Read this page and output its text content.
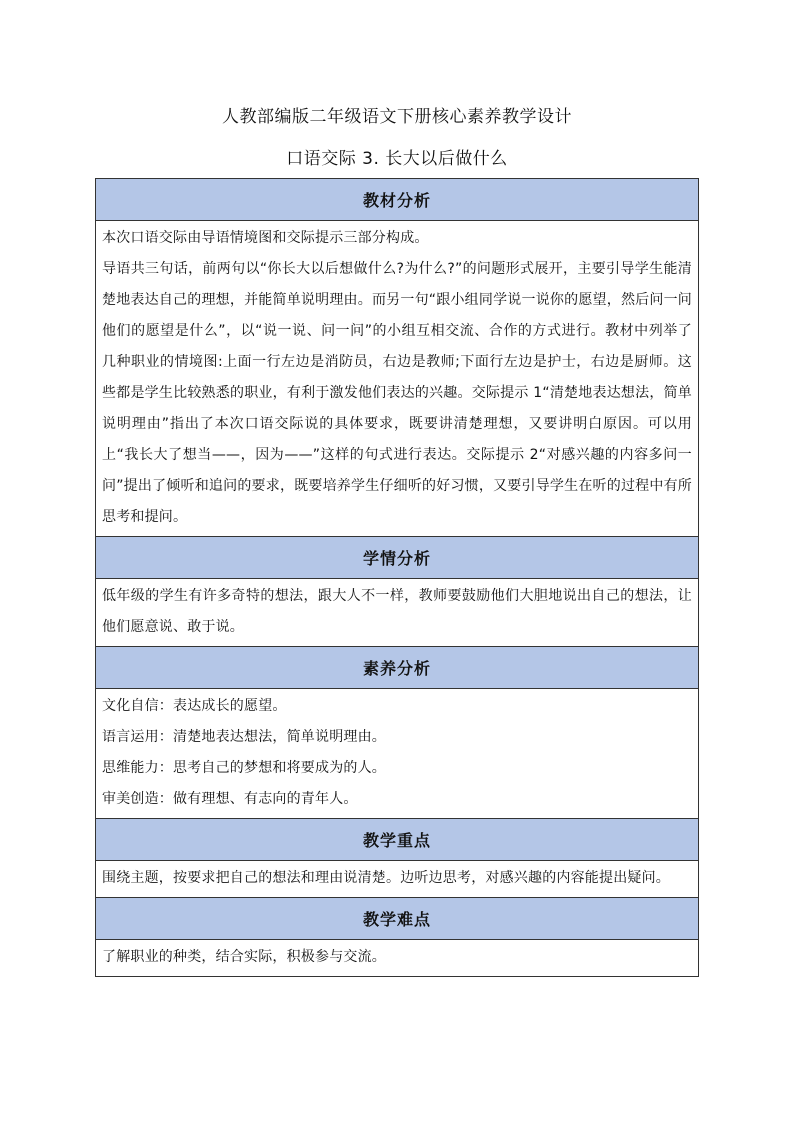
人教部编版二年级语文下册核心素养教学设计
口语交际 3. 长大以后做什么
教材分析

本次口语交际由导语情境图和交际提示三部分构成。

导语共三句话，前两句以“你长大以后想做什么?为什么?”的问题形式展开，主要引导学生能清楚地表达自己的理想，并能简单说明理由。而另一句“跟小组同学说一说你的愿望，然后问一问他们的愿望是什么”，以“说一说、问一问”的小组互相交流、合作的方式进行。教材中列举了几种职业的情境图:上面一行左边是消防员，右边是教师;下面行左边是护士，右边是厨师。这些都是学生比较熟悉的职业，有利于激发他们表达的兴趣。交际提示 1“清楚地表达想法，简单说明理由”指出了本次口语交际说的具体要求，既要讲清楚理想，又要讲明白原因。可以用上“我长大了想当——，因为——”这样的句式进行表达。交际提示 2“对感兴趣的内容多问一问”提出了倾听和追问的要求，既要培养学生仔细听的好习惯，又要引导学生在听的过程中有所思考和提问。

学情分析

低年级的学生有许多奇特的想法，跟大人不一样，教师要鼓励他们大胆地说出自己的想法，让他们愿意说、敢于说。

素养分析

文化自信：表达成长的愿望。

语言运用：清楚地表达想法，简单说明理由。

思维能力：思考自己的梦想和将要成为的人。

审美创造：做有理想、有志向的青年人。

教学重点

围绕主题，按要求把自己的想法和理由说清楚。边听边思考，对感兴趣的内容能提出疑问。

教学难点

了解职业的种类，结合实际，积极参与交流。
